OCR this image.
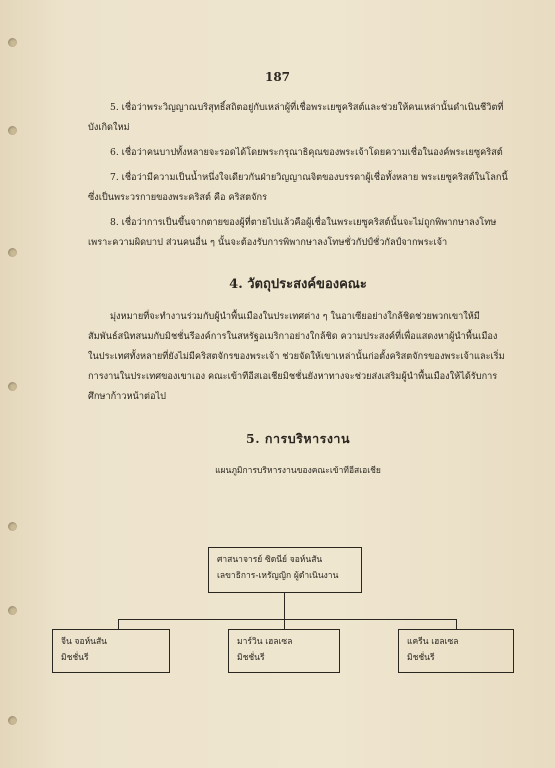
187

5. เชื่อว่าพระวิญญาณบริสุทธิ์สถิตอยู่กับเหล่าผู้ที่เชื่อพระเยซูคริสต์และช่วยให้คนเหล่านั้นดำเนินชีวิตที่บังเกิดใหม่

6. เชื่อว่าคนบาปทั้งหลายจะรอดได้โดยพระกรุณาธิคุณของพระเจ้าโดยความเชื่อในองค์พระเยซูคริสต์

7. เชื่อว่ามีความเป็นน้ำหนึ่งใจเดียวกันฝ่ายวิญญาณจิตของบรรดาผู้เชื่อทั้งหลาย พระเยซูคริสต์ในโลกนี้ ซึ่งเป็นพระวรกายของพระคริสต์ คือ คริสตจักร

8. เชื่อว่าการเป็นขึ้นจากตายของผู้ที่ตายไปแล้วคือผู้เชื่อในพระเยซูคริสต์นั้นจะไม่ถูกพิพากษาลงโทษเพราะความผิดบาป ส่วนคนอื่น ๆ นั้นจะต้องรับการพิพากษาลงโทษชั่วกัปป์ชั่วกัลป์จากพระเจ้า

4. วัตถุประสงค์ของคณะ

มุ่งหมายที่จะทำงานร่วมกับผู้นำพื้นเมืองในประเทศต่าง ๆ ในอาเซียอย่างใกล้ชิดช่วยพวกเขาให้มีสัมพันธ์สนิทสนมกับมิชชั่นรีองค์การในสหรัฐอเมริกาอย่างใกล้ชิด ความประสงค์ที่เพื่อแสดงหาผู้นำพื้นเมืองในประเทศทั้งหลายที่ยังไม่มีคริสตจักรของพระเจ้า ช่วยจัดให้เขาเหล่านั้นก่อตั้งคริสตจักรของพระเจ้าและเริ่มการงานในประเทศของเขาเอง คณะเข้าทีอีสเอเชียมิชชั่นยังหาทางจะช่วยส่งเสริมผู้นำพื้นเมืองให้ได้รับการศึกษาก้าวหน้าต่อไป

5. การบริหารงาน

แผนภูมิการบริหารงานของคณะเข้าทีอีสเอเชีย

ศาสนาจารย์ ซิดนีย์ จอห์นสัน
เลขาธิการ-เหรัญญิก ผู้ดำเนินงาน
จีน จอห์นสัน
มิชชั่นรี
มาร์วิน เฮลเซล
มิชชั่นรี
แครีน เฮลเซล
มิชชั่นรี
